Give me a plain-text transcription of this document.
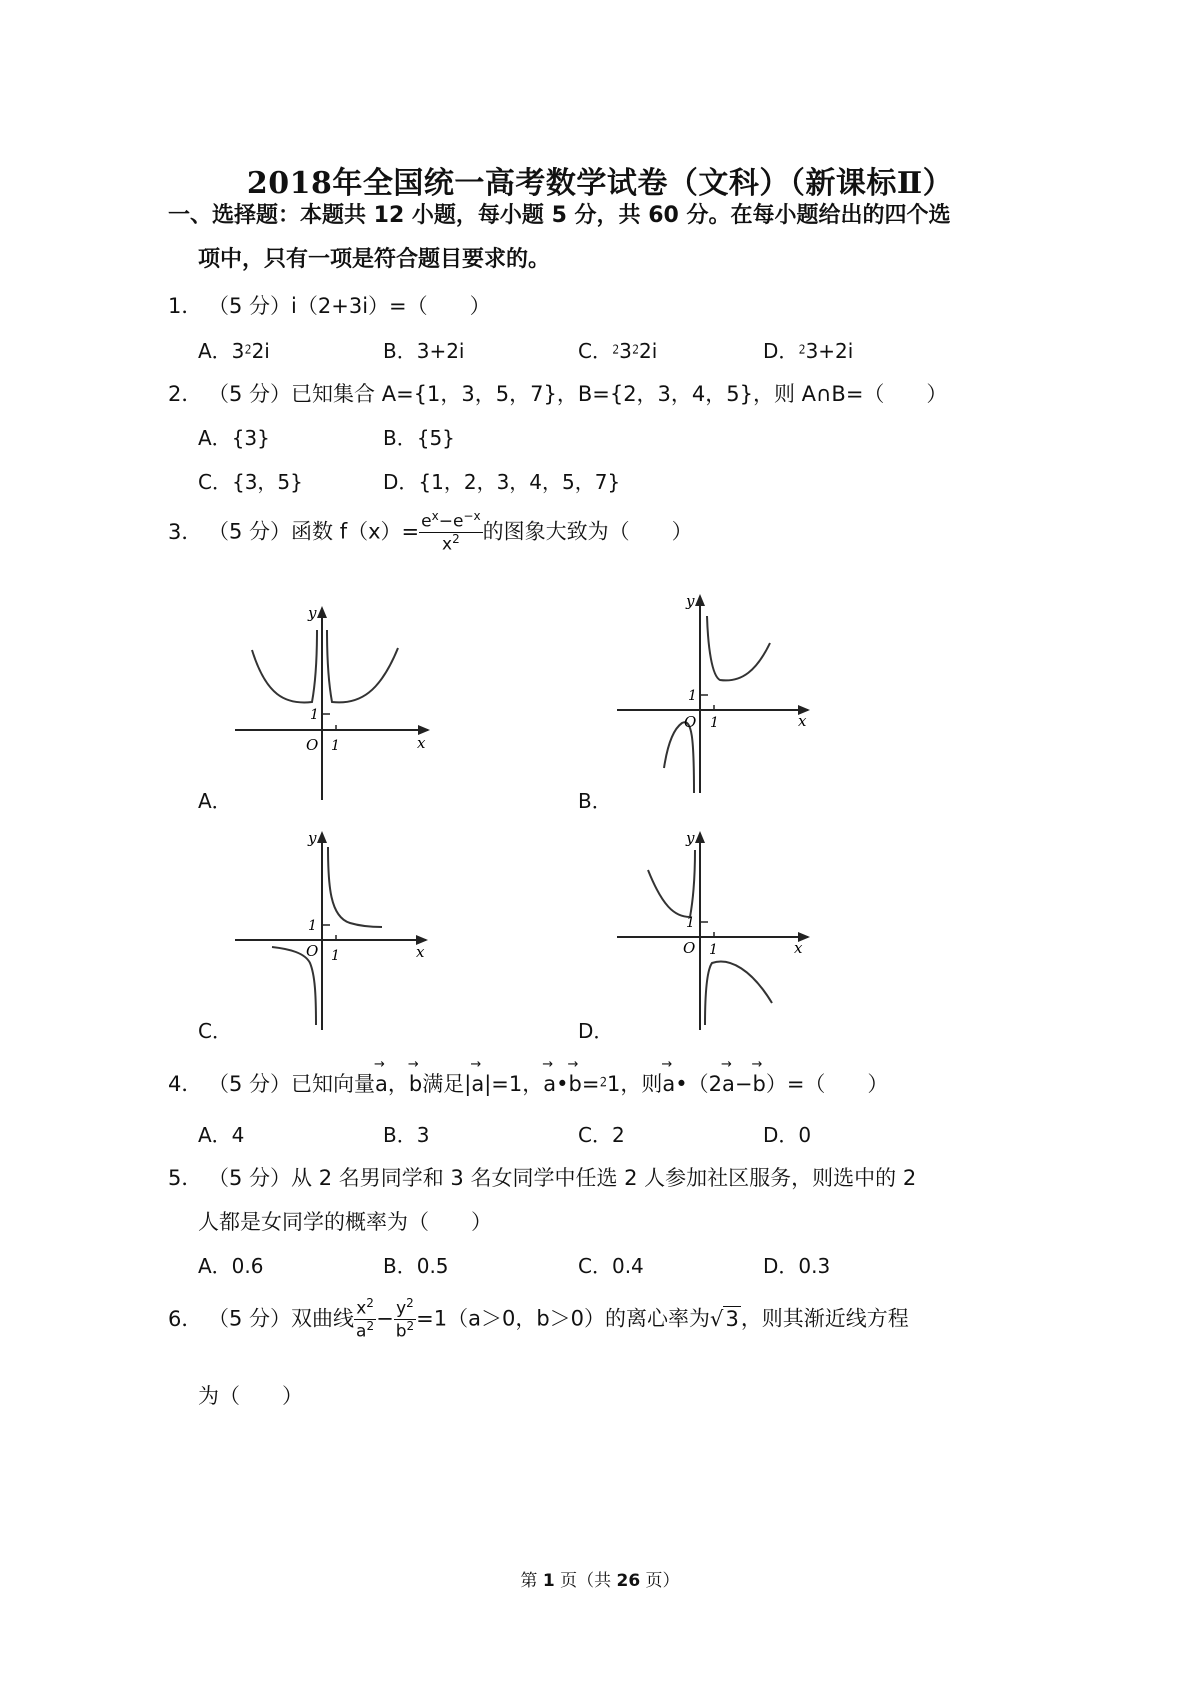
2018年全国统一高考数学试卷（文科）（新课标Ⅱ）
一、选择题：本题共 12 小题，每小题 5 分，共 60 分。在每小题给出的四个选
项中，只有一项是符合题目要求的。
1． （5 分）i（2+3i）=（　　）
A．3⁲2i	B．3+2i	C．⁲3⁲2i	D．⁲3+2i
2． （5 分）已知集合 A={1，3，5，7}，B={2，3，4，5}，则 A∩B=（　　）
A．{3}	B．{5}
C．{3，5}	D．{1，2，3，4，5，7}
3． （5 分）函数 $f(x)= \frac{e^x-e^{-x}}{x^2}$ 的图象大致为（　　）
y
x
O 1
1
A．
y
x
O 1
1
B．
y
x
O 1
1
C．
y
x
O 1
1
D．
4． （5 分）已知向量→ a，→ b满足|→ a|=1，→ a•→ b=⁲1，则→ a•（2→ a−→ b）=（　　）
A．4	B．3	C．2	D．0
5． （5 分）从 2 名男同学和 3 名女同学中任选 2 人参加社区服务，则选中的 2
人都是女同学的概率为（　　）
A．0.6	B．0.5	C．0.4	D．0.3
6． （5 分）双曲线 $\frac{x^2}{a^2} - \frac{y^2}{b^2} =1(a>0$，b＞0）的离心率为√3，则其渐近线方程
为（　　）
第 1 页（共 26 页）
